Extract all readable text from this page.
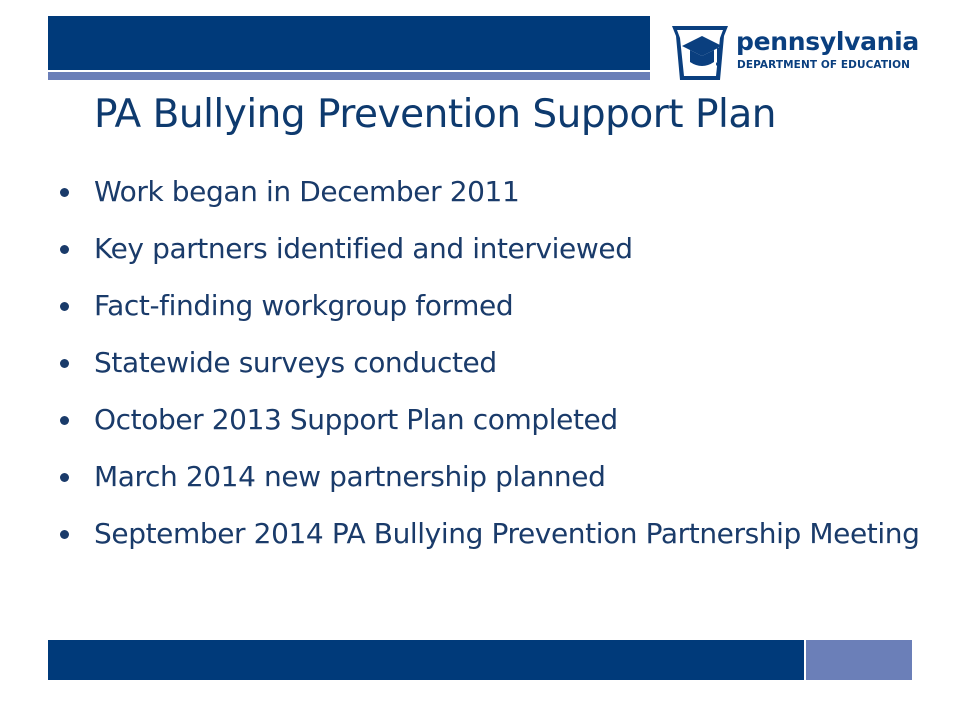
pennsylvania
DEPARTMENT OF EDUCATION
PA Bullying Prevention Support Plan
Work began in December 2011
Key partners identified and interviewed
Fact-finding workgroup formed
Statewide surveys conducted
October 2013 Support Plan completed
March 2014 new partnership planned
September 2014 PA Bullying Prevention Partnership Meeting
